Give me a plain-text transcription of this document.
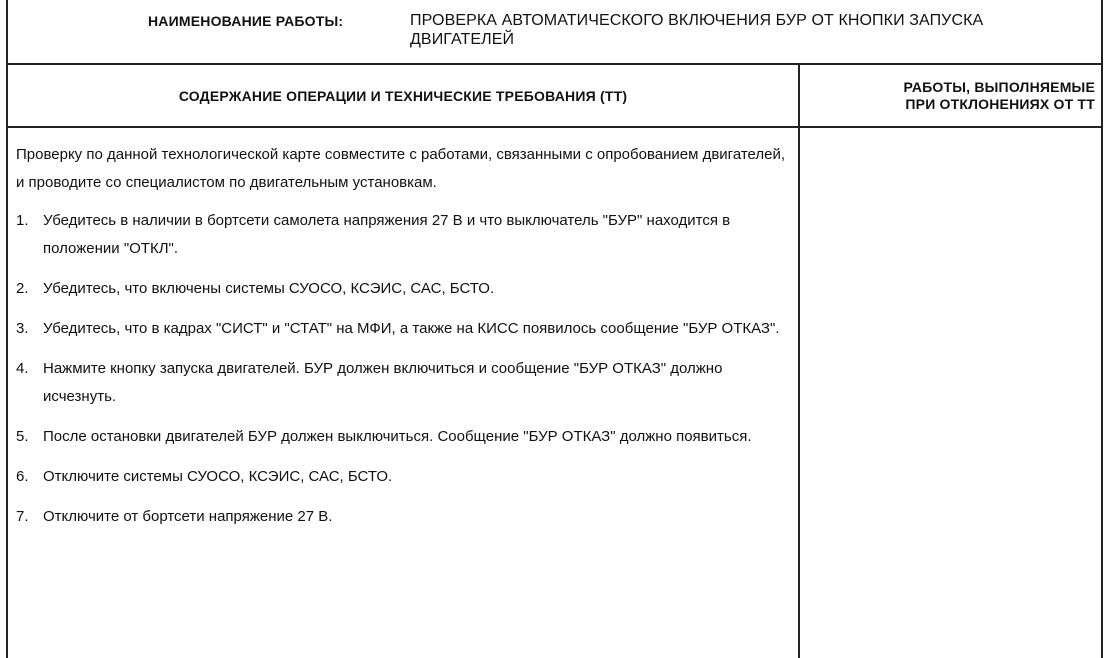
НАИМЕНОВАНИЕ РАБОТЫ:	ПРОВЕРКА АВТОМАТИЧЕСКОГО ВКЛЮЧЕНИЯ БУР ОТ КНОПКИ ЗАПУСКА ДВИГАТЕЛЕЙ
СОДЕРЖАНИЕ ОПЕРАЦИИ И ТЕХНИЧЕСКИЕ ТРЕБОВАНИЯ (ТТ)
РАБОТЫ, ВЫПОЛНЯЕМЫЕ
ПРИ ОТКЛОНЕНИЯХ ОТ ТТ

Проверку по данной технологической карте совместите с работами, связанными с опробованием двигателей, и проводите со специалистом по двигательным установкам.

1. Убедитесь в наличии в бортсети самолета напряжения 27 В и что выключатель "БУР" находится в положении "ОТКЛ".
2. Убедитесь, что включены системы СУОСО, КСЭИС, САС, БСТО.
3. Убедитесь, что в кадрах "СИСТ" и "СТАТ" на МФИ, а также на КИСС появилось сообщение "БУР ОТКАЗ".
4. Нажмите кнопку запуска двигателей. БУР должен включиться и сообщение "БУР ОТКАЗ" должно исчезнуть.
5. После остановки двигателей БУР должен выключиться. Сообщение "БУР ОТКАЗ" должно появиться.
6. Отключите системы СУОСО, КСЭИС, САС, БСТО.
7. Отключите от бортсети напряжение 27 В.
